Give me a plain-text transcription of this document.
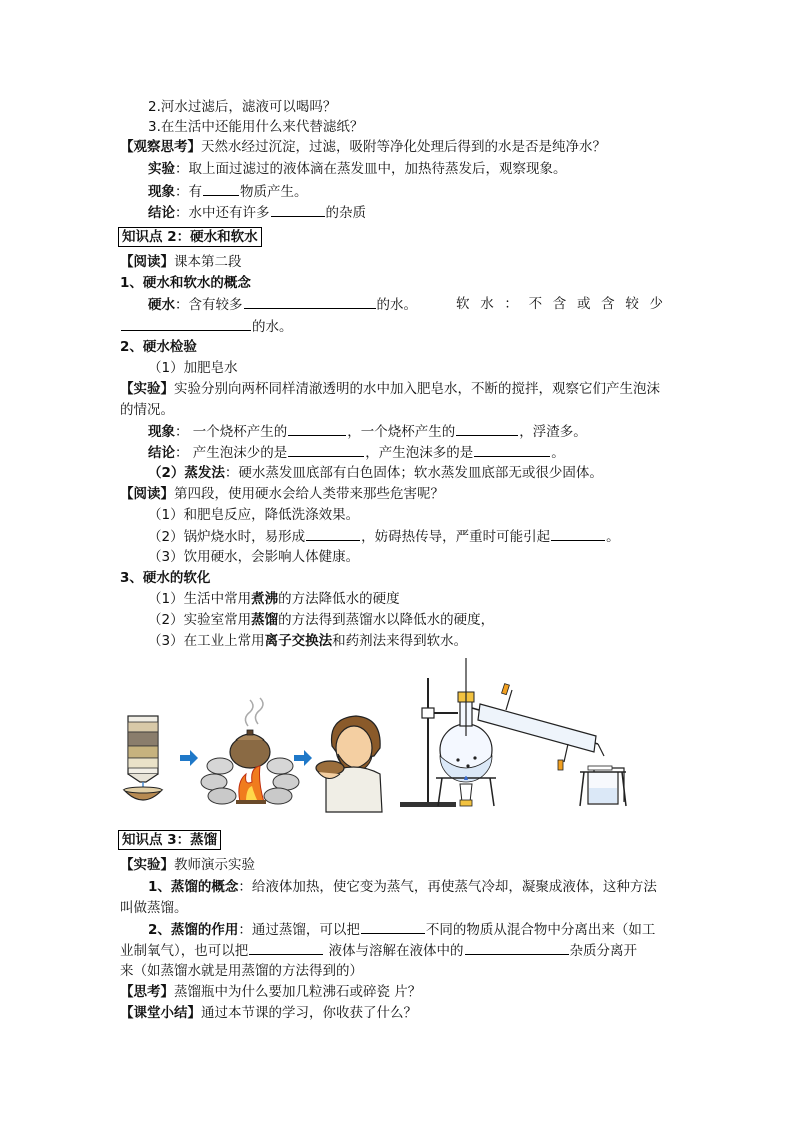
2.河水过滤后，滤液可以喝吗？
3.在生活中还能用什么来代替滤纸？
【观察思考】天然水经过沉淀，过滤，吸附等净化处理后得到的水是否是纯净水？
实验：取上面过滤过的液体滴在蒸发皿中，加热待蒸发后，观察现象。
现象：有	物质产生。
结论：水中还有许多	的杂质
知识点 2：硬水和软水
【阅读】课本第二段
1、硬水和软水的概念
硬水：含有较多	的水。	软 水 ： 不 含 或 含 较 少
的水。
2、硬水检验
（1）加肥皂水
【实验】实验分别向两杯同样清澈透明的水中加入肥皂水，不断的搅拌，观察它们产生泡沫
的情况。
现象： 一个烧杯产生的	，一个烧杯产生的	，浮渣多。
结论： 产生泡沫少的是	，产生泡沫多的是	。
（2）蒸发法：硬水蒸发皿底部有白色固体；软水蒸发皿底部无或很少固体。
【阅读】第四段，使用硬水会给人类带来那些危害呢？
（1）和肥皂反应，降低洗涤效果。
（2）锅炉烧水时，易形成	，妨碍热传导，严重时可能引起	。
（3）饮用硬水，会影响人体健康。
3、硬水的软化
（1）生活中常用煮沸的方法降低水的硬度
（2）实验室常用蒸馏的方法得到蒸馏水以降低水的硬度，
（3）在工业上常用离子交换法和药剂法来得到软水。
知识点 3：蒸馏
【实验】教师演示实验
1、蒸馏的概念：给液体加热，使它变为蒸气，再使蒸气冷却，凝聚成液体，这种方法
叫做蒸馏。
2、蒸馏的作用：通过蒸馏，可以把	不同的物质从混合物中分离出来（如工
业制氧气），也可以把	液体与溶解在液体中的	杂质分离开
来（如蒸馏水就是用蒸馏的方法得到的）
【思考】蒸馏瓶中为什么要加几粒沸石或碎瓷 片？
【课堂小结】通过本节课的学习，你收获了什么？
